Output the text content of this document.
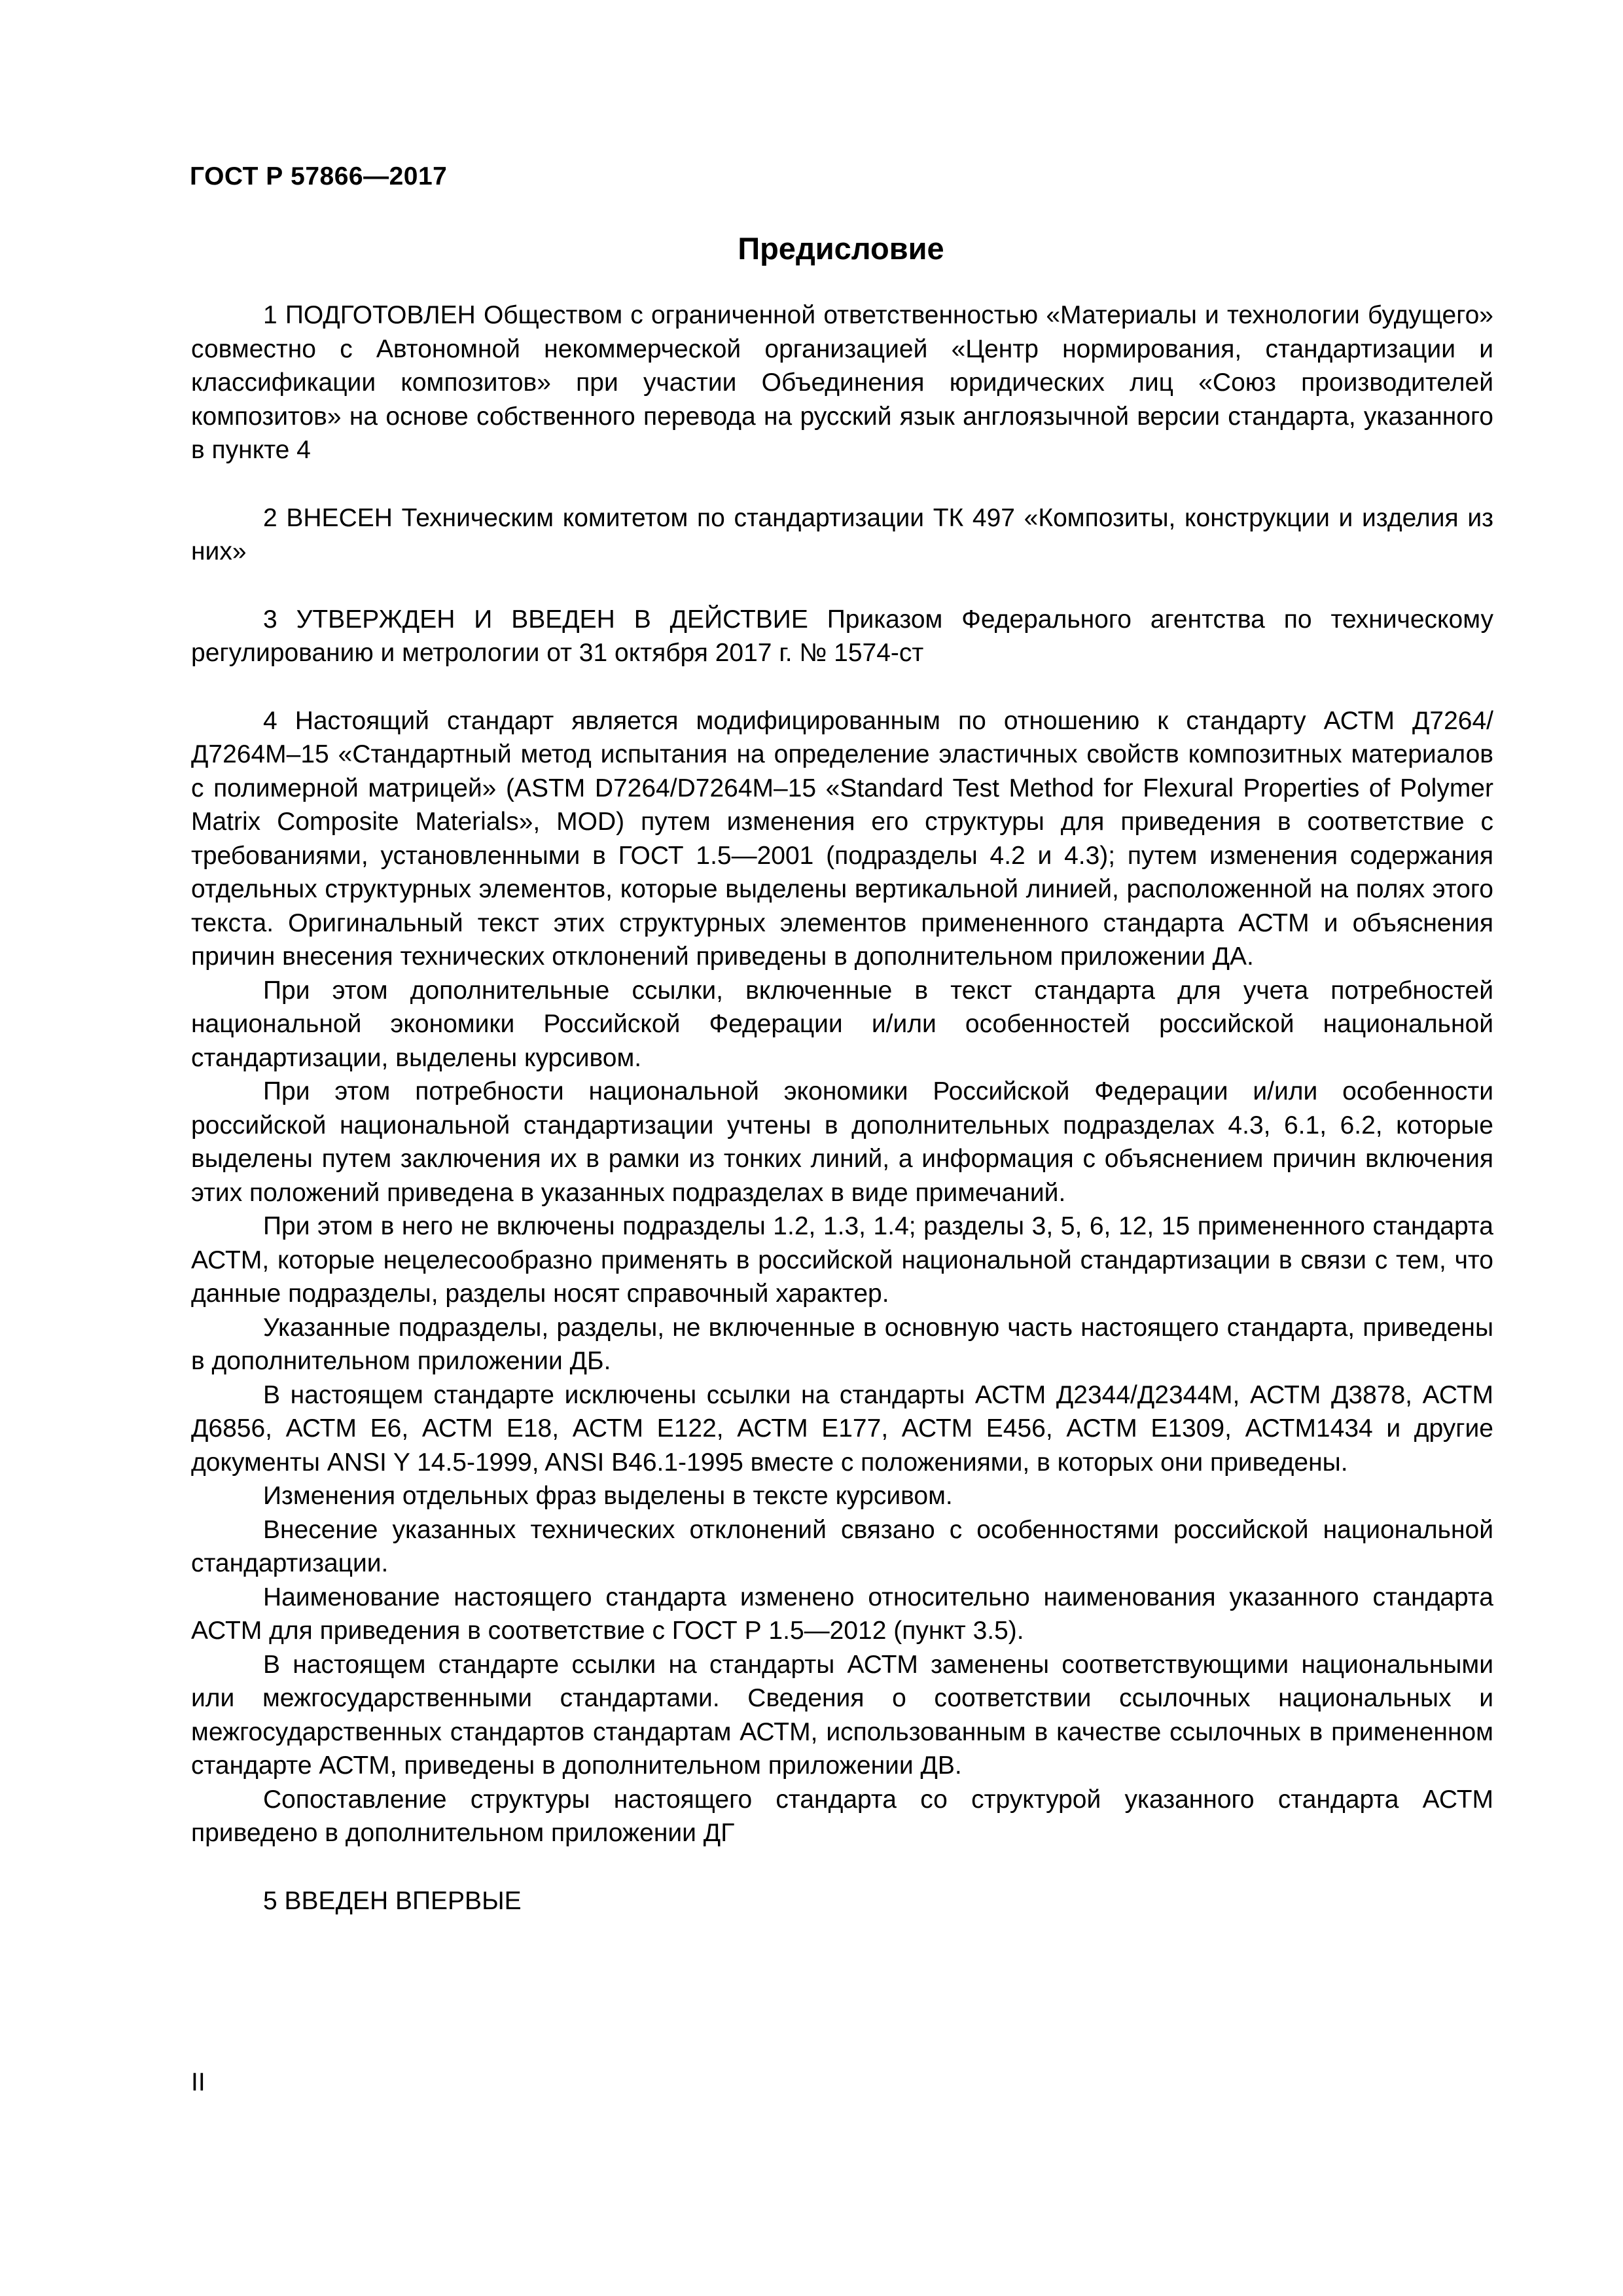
ГОСТ Р 57866—2017
Предисловие

1 ПОДГОТОВЛЕН Обществом с ограниченной ответственностью «Материалы и технологии будущего» совместно с Автономной некоммерческой организацией «Центр нормирования, стандартизации и классификации композитов» при участии Объединения юридических лиц «Союз производителей композитов» на основе собственного перевода на русский язык англоязычной версии стандарта, указанного в пункте 4

2 ВНЕСЕН Техническим комитетом по стандартизации ТК 497 «Композиты, конструкции и изделия из них»

3 УТВЕРЖДЕН И ВВЕДЕН В ДЕЙСТВИЕ Приказом Федерального агентства по техническому регулированию и метрологии от 31 октября 2017 г. № 1574-ст

4 Настоящий стандарт является модифицированным по отношению к стандарту АСТМ Д7264/Д7264М–15 «Стандартный метод испытания на определение эластичных свойств композитных материалов с полимерной матрицей» (ASTM D7264/D7264M–15 «Standard Test Method for Flexural Properties of Polymer Matrix Composite Materials», MOD) путем изменения его структуры для приведения в соответствие с требованиями, установленными в ГОСТ 1.5—2001 (подразделы 4.2 и 4.3); путем изменения содержания отдельных структурных элементов, которые выделены вертикальной линией, расположенной на полях этого текста. Оригинальный текст этих структурных элементов примененного стандарта АСТМ и объяснения причин внесения технических отклонений приведены в дополнительном приложении ДА.

При этом дополнительные ссылки, включенные в текст стандарта для учета потребностей национальной экономики Российской Федерации и/или особенностей российской национальной стандартизации, выделены курсивом.

При этом потребности национальной экономики Российской Федерации и/или особенности российской национальной стандартизации учтены в дополнительных подразделах 4.3, 6.1, 6.2, которые выделены путем заключения их в рамки из тонких линий, а информация с объяснением причин включения этих положений приведена в указанных подразделах в виде примечаний.

При этом в него не включены подразделы 1.2, 1.3, 1.4; разделы 3, 5, 6, 12, 15 примененного стандарта АСТМ, которые нецелесообразно применять в российской национальной стандартизации в связи с тем, что данные подразделы, разделы носят справочный характер.

Указанные подразделы, разделы, не включенные в основную часть настоящего стандарта, приведены в дополнительном приложении ДБ.

В настоящем стандарте исключены ссылки на стандарты АСТМ Д2344/Д2344М, АСТМ Д3878, АСТМ Д6856, АСТМ Е6, АСТМ Е18, АСТМ Е122, АСТМ Е177, АСТМ Е456, АСТМ Е1309, АСТМ1434 и другие документы ANSI Y 14.5-1999, ANSI B46.1-1995 вместе с положениями, в которых они приведены.

Изменения отдельных фраз выделены в тексте курсивом.

Внесение указанных технических отклонений связано с особенностями российской национальной стандартизации.

Наименование настоящего стандарта изменено относительно наименования указанного стандарта АСТМ для приведения в соответствие с ГОСТ Р 1.5—2012 (пункт 3.5).

В настоящем стандарте ссылки на стандарты АСТМ заменены соответствующими национальными или межгосударственными стандартами. Сведения о соответствии ссылочных национальных и межгосударственных стандартов стандартам АСТМ, использованным в качестве ссылочных в примененном стандарте АСТМ, приведены в дополнительном приложении ДВ.

Сопоставление структуры настоящего стандарта со структурой указанного стандарта АСТМ приведено в дополнительном приложении ДГ

5 ВВЕДЕН ВПЕРВЫЕ

II
